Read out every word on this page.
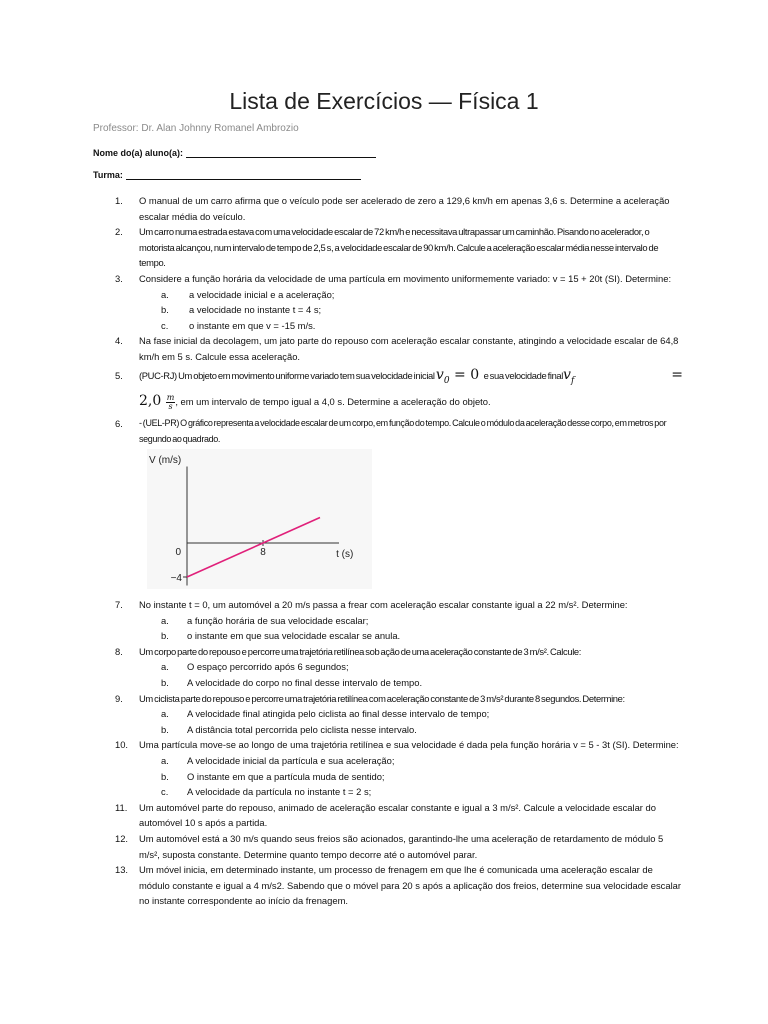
Lista de Exercícios — Física 1
Professor: Dr. Alan Johnny Romanel Ambrozio
Nome do(a) aluno(a):
Turma:
1. O manual de um carro afirma que o veículo pode ser acelerado de zero a 129,6 km/h em apenas 3,6 s. Determine a aceleração escalar média do veículo.
2. Um carro numa estrada estava com uma velocidade escalar de 72 km/h e necessitava ultrapassar um caminhão. Pisando no acelerador, o motorista alcançou, num intervalo de tempo de 2,5 s, a velocidade escalar de 90 km/h. Calcule a aceleração escalar média nesse intervalo de tempo.
3. Considere a função horária da velocidade de uma partícula em movimento uniformemente variado: v = 15 + 20t (SI). Determine:
a. a velocidade inicial e a aceleração;
b. a velocidade no instante t = 4 s;
c. o instante em que v = -15 m/s.
4. Na fase inicial da decolagem, um jato parte do repouso com aceleração escalar constante, atingindo a velocidade escalar de 64,8 km/h em 5 s. Calcule essa aceleração.
5. (PUC-RJ) Um objeto em movimento uniforme variado tem sua velocidade inicial $v_0 = 0$ e sua velocidade finalv$_f$	=

$2,0 \frac{m}{s}$ , em um intervalo de tempo igual a 4,0 s. Determine a aceleração do objeto.
6. - (UEL-PR) O gráfico representa a velocidade escalar de um corpo, em função do tempo. Calcule o módulo da aceleração desse corpo, em metros por segundo ao quadrado.
V (m/s)
t (s)
0	8
−4
7. No instante t = 0, um automóvel a 20 m/s passa a frear com aceleração escalar constante igual a 22 m/s². Determine:
a. a função horária de sua velocidade escalar;
b. o instante em que sua velocidade escalar se anula.
8. Um corpo parte do repouso e percorre uma trajetória retilínea sob ação de uma aceleração constante de 3 m/s². Calcule:
a. O espaço percorrido após 6 segundos;
b. A velocidade do corpo no final desse intervalo de tempo.
9. Um ciclista parte do repouso e percorre uma trajetória retilínea com aceleração constante de 3 m/s² durante 8 segundos. Determine:
a. A velocidade final atingida pelo ciclista ao final desse intervalo de tempo;
b. A distância total percorrida pelo ciclista nesse intervalo.
10. Uma partícula move-se ao longo de uma trajetória retilínea e sua velocidade é dada pela função horária v = 5 - 3t (SI). Determine:
a. A velocidade inicial da partícula e sua aceleração;
b. O instante em que a partícula muda de sentido;
c. A velocidade da partícula no instante t = 2 s;
11. Um automóvel parte do repouso, animado de aceleração escalar constante e igual a 3 m/s². Calcule a velocidade escalar do automóvel 10 s após a partida.
12. Um automóvel está a 30 m/s quando seus freios são acionados, garantindo-lhe uma aceleração de retardamento de módulo 5 m/s², suposta constante. Determine quanto tempo decorre até o automóvel parar.
13. Um móvel inicia, em determinado instante, um processo de frenagem em que lhe é comunicada uma aceleração escalar de módulo constante e igual a 4 m/s2. Sabendo que o móvel para 20 s após a aplicação dos freios, determine sua velocidade escalar no instante correspondente ao início da frenagem.
